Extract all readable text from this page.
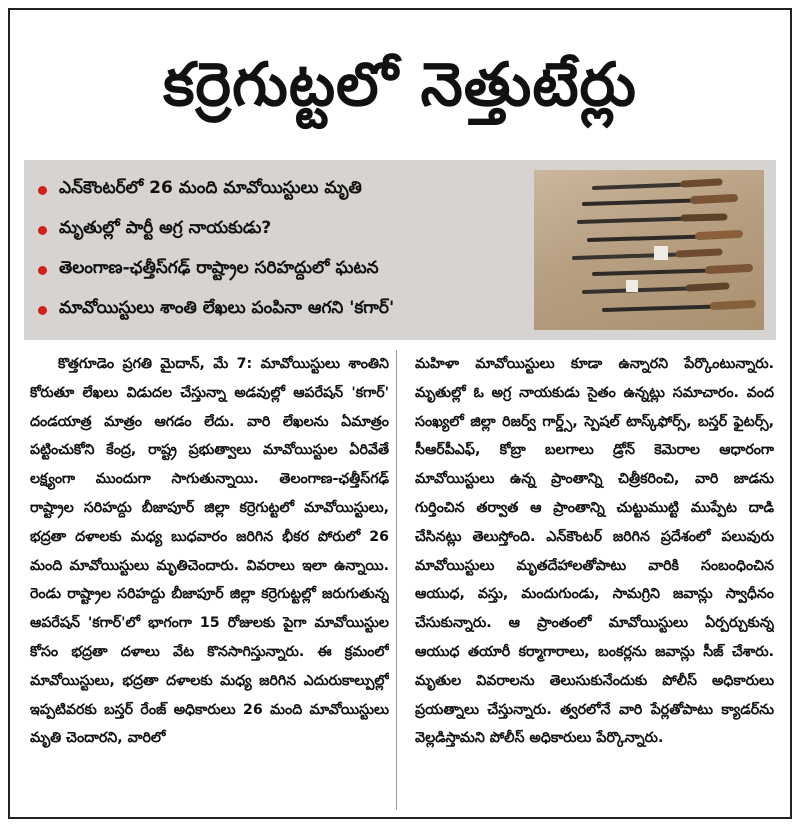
కర్రెగుట్టలో నెత్తుటేర్లు
ఎన్‌కౌంటర్‌లో 26 మంది మావోయిస్టులు మృతి
మృతుల్లో పార్టీ అగ్ర నాయకుడు?
తెలంగాణ-ఛత్తీస్‌గఢ్ రాష్ట్రాల సరిహద్దులో ఘటన
మావోయిస్టులు శాంతి లేఖలు పంపినా ఆగని 'కగార్'

కొత్తగూడెం ప్రగతి మైదాన్, మే 7: మావోయిస్టులు శాంతిని కోరుతూ లేఖలు విడుదల చేస్తున్నా అడవుల్లో ఆపరేషన్ 'కగార్' దండయాత్ర మాత్రం ఆగడం లేదు. వారి లేఖలను ఏమాత్రం పట్టించుకోని కేంద్ర, రాష్ట్ర ప్రభుత్వాలు మావోయిస్టుల ఏరివేతే లక్ష్యంగా ముందుగా సాగుతున్నాయి. తెలంగాణ-ఛత్తీస్‌గఢ్ రాష్ట్రాల సరిహద్దు బీజాపూర్ జిల్లా కర్రెగుట్టలో మావోయిస్టులు, భద్రతా దళాలకు మధ్య బుధవారం జరిగిన భీకర పోరులో 26 మంది మావోయిస్టులు మృతిచెందారు. వివరాలు ఇలా ఉన్నాయి. రెండు రాష్ట్రాల సరిహద్దు బీజాపూర్ జిల్లా కర్రెగుట్టల్లో జరుగుతున్న ఆపరేషన్ 'కగార్'లో భాగంగా 15 రోజులకు పైగా మావోయిస్టుల కోసం భద్రతా దళాలు వేట కొనసాగిస్తున్నారు. ఈ క్రమంలో మావోయిస్టులు, భద్రతా దళాలకు మధ్య జరిగిన ఎదురుకాల్పుల్లో ఇప్పటివరకు బస్తర్ రేంజ్ అధికారులు 26 మంది మావోయిస్టులు మృతి చెందారని, వారిలో

మహిళా మావోయిస్టులు కూడా ఉన్నారని పేర్కొంటున్నారు. మృతుల్లో ఓ అగ్ర నాయకుడు సైతం ఉన్నట్లు సమాచారం. వంద సంఖ్యలో జిల్లా రిజర్వ్ గార్డ్స్, స్పెషల్ టాస్క్‌ఫోర్స్, బస్తర్ ఫైటర్స్, సీఆర్‌పీఎఫ్, కోబ్రా బలగాలు డ్రోన్ కెమెరాల ఆధారంగా మావోయిస్టులు ఉన్న ప్రాంతాన్ని చిత్రీకరించి, వారి జాడను గుర్తించిన తర్వాత ఆ ప్రాంతాన్ని చుట్టుముట్టి ముప్పేట దాడి చేసినట్లు తెలుస్తోంది. ఎన్‌కౌంటర్ జరిగిన ప్రదేశంలో పలువురు మావోయిస్టులు మృతదేహాలతోపాటు వారికి సంబంధించిన ఆయుధ, వస్తు, మందుగుండు, సామగ్రిని జవాన్లు స్వాధీనం చేసుకున్నారు. ఆ ప్రాంతంలో మావోయిస్టులు ఏర్పర్చుకున్న ఆయుధ తయారీ కర్మాగారాలు, బంకర్లను జవాన్లు సీజ్ చేశారు. మృతుల వివరాలను తెలుసుకునేందుకు పోలీస్ అధికారులు ప్రయత్నాలు చేస్తున్నారు. త్వరలోనే వారి పేర్లతోపాటు క్యాడర్‌ను వెల్లడిస్తామని పోలీస్ అధికారులు పేర్కొన్నారు.
